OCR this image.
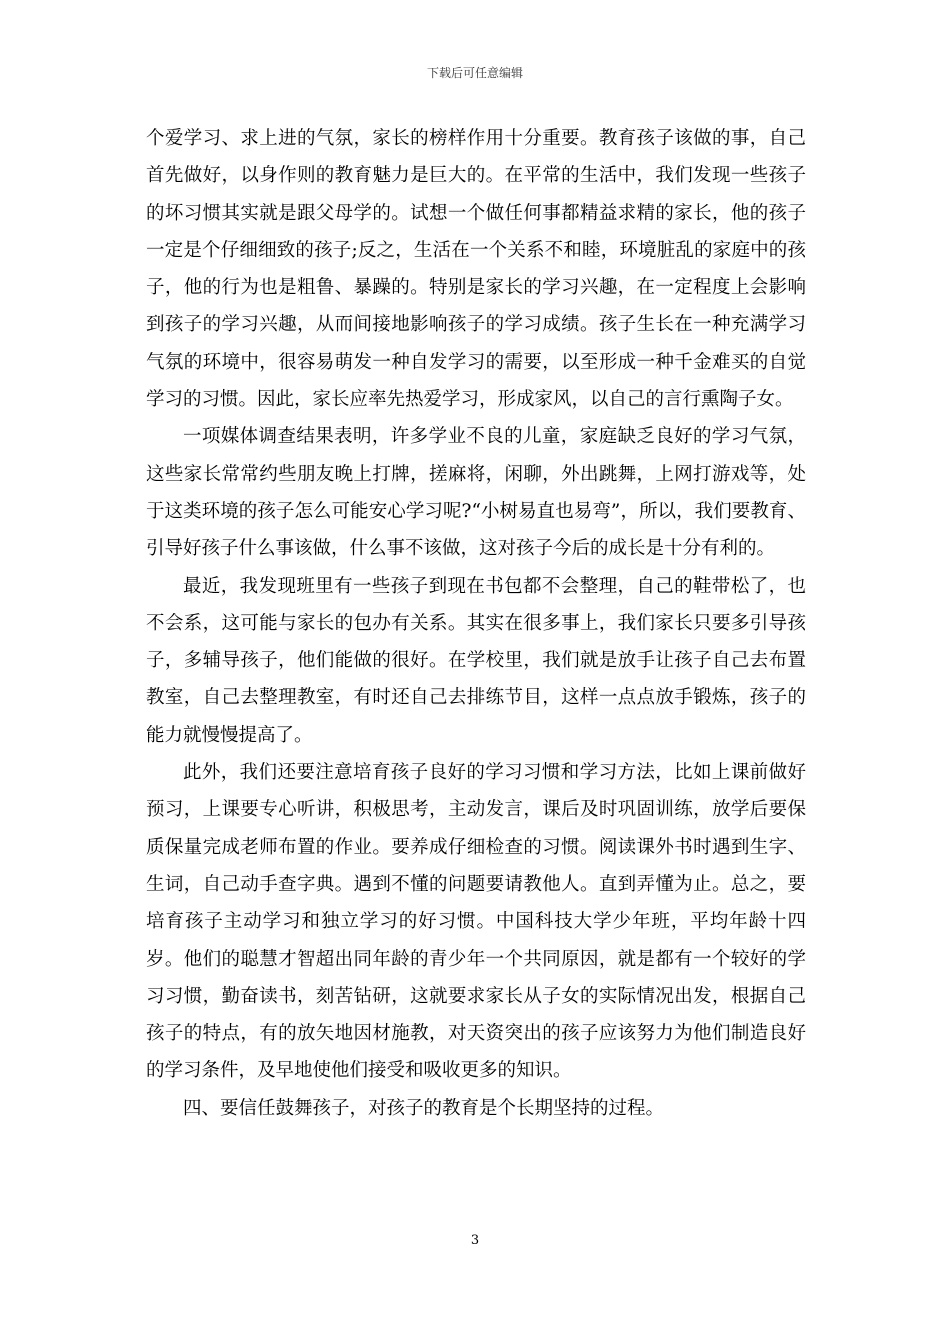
下载后可任意编辑

个爱学习、求上进的气氛，家长的榜样作用十分重要。教育孩子该做的事，自己首先做好，以身作则的教育魅力是巨大的。在平常的生活中，我们发现一些孩子的坏习惯其实就是跟父母学的。试想一个做任何事都精益求精的家长，他的孩子一定是个仔细细致的孩子;反之，生活在一个关系不和睦，环境脏乱的家庭中的孩子，他的行为也是粗鲁、暴躁的。特别是家长的学习兴趣，在一定程度上会影响到孩子的学习兴趣，从而间接地影响孩子的学习成绩。孩子生长在一种充满学习气氛的环境中，很容易萌发一种自发学习的需要，以至形成一种千金难买的自觉学习的习惯。因此，家长应率先热爱学习，形成家风，以自己的言行熏陶子女。

一项媒体调查结果表明，许多学业不良的儿童，家庭缺乏良好的学习气氛，这些家长常常约些朋友晚上打牌，搓麻将，闲聊，外出跳舞，上网打游戏等，处于这类环境的孩子怎么可能安心学习呢?“小树易直也易弯”，所以，我们要教育、引导好孩子什么事该做，什么事不该做，这对孩子今后的成长是十分有利的。

最近，我发现班里有一些孩子到现在书包都不会整理，自己的鞋带松了，也不会系，这可能与家长的包办有关系。其实在很多事上，我们家长只要多引导孩子，多辅导孩子，他们能做的很好。在学校里，我们就是放手让孩子自己去布置教室，自己去整理教室，有时还自己去排练节目，这样一点点放手锻炼，孩子的能力就慢慢提高了。

此外，我们还要注意培育孩子良好的学习习惯和学习方法，比如上课前做好预习，上课要专心听讲，积极思考，主动发言，课后及时巩固训练，放学后要保质保量完成老师布置的作业。要养成仔细检查的习惯。阅读课外书时遇到生字、生词，自己动手查字典。遇到不懂的问题要请教他人。直到弄懂为止。总之，要培育孩子主动学习和独立学习的好习惯。中国科技大学少年班，平均年龄十四岁。他们的聪慧才智超出同年龄的青少年一个共同原因，就是都有一个较好的学习习惯，勤奋读书，刻苦钻研，这就要求家长从子女的实际情况出发，根据自己孩子的特点，有的放矢地因材施教，对天资突出的孩子应该努力为他们制造良好的学习条件，及早地使他们接受和吸收更多的知识。

四、要信任鼓舞孩子，对孩子的教育是个长期坚持的过程。

3
